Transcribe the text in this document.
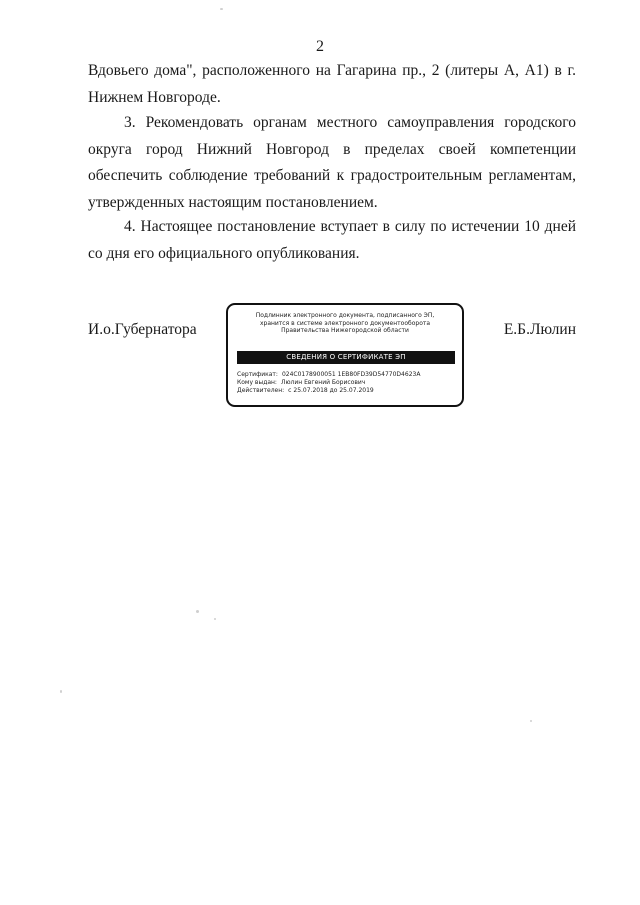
2

Вдовьего дома", расположенного на Гагарина пр., 2 (литеры А, А1) в г. Нижнем Новгороде.

3. Рекомендовать органам местного самоуправления городского округа город Нижний Новгород в пределах своей компетенции обеспечить соблюдение требований к градостроительным регламентам, утвержденных настоящим постановлением.

4. Настоящее постановление вступает в силу по истечении 10 дней со дня его официального опубликования.

И.о.Губернатора
Подлинник электронного документа, подписанного ЭП,
хранится в системе электронного документооборота
Правительства Нижегородской области
СВЕДЕНИЯ О СЕРТИФИКАТЕ ЭП
Сертификат: 024C0178900051 1EB80FD39D54770D4623A
Кому выдан: Люлин Евгений Борисович
Действителен: с 25.07.2018 до 25.07.2019
Е.Б.Люлин
